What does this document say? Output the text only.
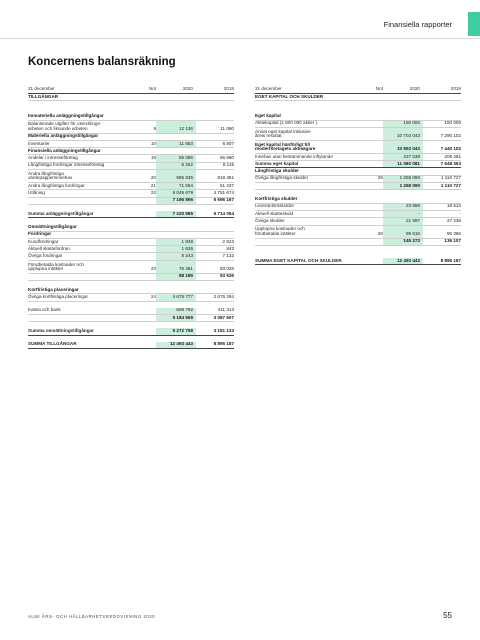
Finansiella rapporter
Koncernens balansräkning
31 december	Not	2020	2019
TILLGÅNGAR
Immateriella anläggningstillgångar
Balanserade utgifter för utvecklings-
arbeten och liknande arbeten	9	12 136	11 080
Materiella anläggningstillgångar
Inventarier	10	11 653	6 807
Finansiella anläggningstillgångar
Andelar i intresseföretag	19	85 066	66 660
Långfristiga fordringar intresseföretag	5 252	8 115
Andra långfristiga
värdepappersinnehav	20	985 835	818 481
Andra långfristiga fordringar	21	71 064	51 237
Utlåning	22	6 049 679	4 751 674
7 196 896	5 696 167
Summa anläggningstillgångar	7 220 685	5 714 054
Omsättningstillgångar
Fordringar
Kundfordringar	1 849	2 523
Aktuell skattefordran	1 636	843
Övriga fordringar	8 243	7 132
Förutbetalda kostnader och
upplupna intäkter	23	76 461	83 028
88 189	93 526
Kortfristiga placeringar
Övriga kortfristiga placeringar	24	4 675 777	2 676 294
Kassa och bank	508 792	411 313
5 184 569	3 087 607
Summa omsättningstillgångar	5 272 758	3 181 133
SUMMA TILLGÅNGAR	12 493 443	8 895 187
31 december	Not	2020	2019
EGET KAPITAL OCH SKULDER
Eget kapital
Aktiekapital (1 500 000 aktier )	150 000	150 000
Annat eget kapital inklusive
årets resultat	10 703 043	7 290 102
Eget kapital hänförligt till
moderföretagets aktieägare	10 853 043	7 440 102
Innehav utan bestämmande inflytande	227 038	208 251
Summa eget kapital	11 080 081	7 648 353
Långfristiga skulder
Övriga långfristiga skulder	25	1 268 090	1 110 727
1 268 090	1 110 727
Kortfristiga skulder
Leverantörsskulder	23 659	18 513
Aktuell skatteskuld	-	-
Övriga skulder	21 997	27 238
Upplupna kostnader och
förutbetalda intäkter	26	99 616	90 356
145 272	136 107
SUMMA EGET KAPITAL OCH SKULDER	12 493 443	8 895 187
ALMI ÅRS- OCH HÅLLBARHETSREDOVISNING 2020	55
